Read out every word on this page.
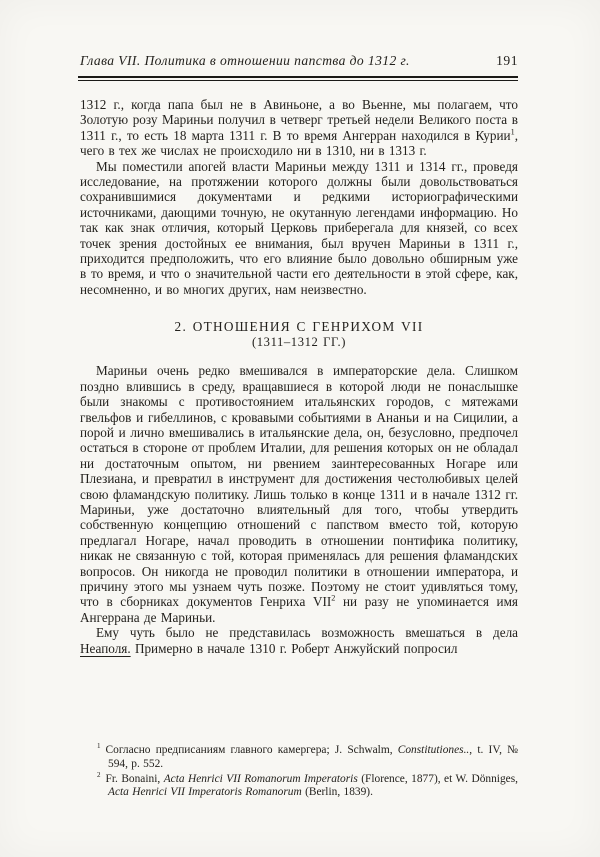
Глава VII. Политика в отношении папства до 1312 г.	191

1312 г., когда папа был не в Авиньоне, а во Вьенне, мы полагаем, что Золотую розу Мариньи получил в четверг третьей недели Великого поста в 1311 г., то есть 18 марта 1311 г. В то время Ангерран находился в Курии$^1$, чего в тех же числах не происходило ни в 1310, ни в 1313 г.

Мы поместили апогей власти Мариньи между 1311 и 1314 гг., проведя исследование, на протяжении которого должны были довольствоваться сохранившимися документами и редкими историографическими источниками, дающими точную, не окутанную легендами информацию. Но так как знак отличия, который Церковь приберегала для князей, со всех точек зрения достойных ее внимания, был вручен Мариньи в 1311 г., приходится предположить, что его влияние было довольно обширным уже в то время, и что о значительной части его деятельности в этой сфере, как, несомненно, и во многих других, нам неизвестно.

2. ОТНОШЕНИЯ С ГЕНРИХОМ VII
(1311–1312 ГГ.)

Мариньи очень редко вмешивался в императорские дела. Слишком поздно влившись в среду, вращавшиеся в которой люди не понаслышке были знакомы с противостоянием итальянских городов, с мятежами гвельфов и гибеллинов, с кровавыми событиями в Ананьи и на Сицилии, а порой и лично вмешивались в итальянские дела, он, безусловно, предпочел остаться в стороне от проблем Италии, для решения которых он не обладал ни достаточным опытом, ни рвением заинтересованных Ногаре или Плезиана, и превратил в инструмент для достижения честолюбивых целей свою фламандскую политику. Лишь только в конце 1311 и в начале 1312 гг. Мариньи, уже достаточно влиятельный для того, чтобы утвердить собственную концепцию отношений с папством вместо той, которую предлагал Ногаре, начал проводить в отношении понтифика политику, никак не связанную с той, которая применялась для решения фламандских вопросов. Он никогда не проводил политики в отношении императора, и причину этого мы узнаем чуть позже. Поэтому не стоит удивляться тому, что в сборниках документов Генриха VII$^2$ ни разу не упоминается имя Ангеррана де Мариньи.

Ему чуть было не представилась возможность вмешаться в дела Неаполя. Примерно в начале 1310 г. Роберт Анжуйский попросил

$^1$ Согласно предписаниям главного камергера; J. Schwalm, Constitutiones.., t. IV, № 594, p. 552.

$^2$ Fr. Bonaini, Acta Henrici VII Romanorum Imperatoris (Florence, 1877), et W. Dönniges, Acta Henrici VII Imperatoris Romanorum (Berlin, 1839).
